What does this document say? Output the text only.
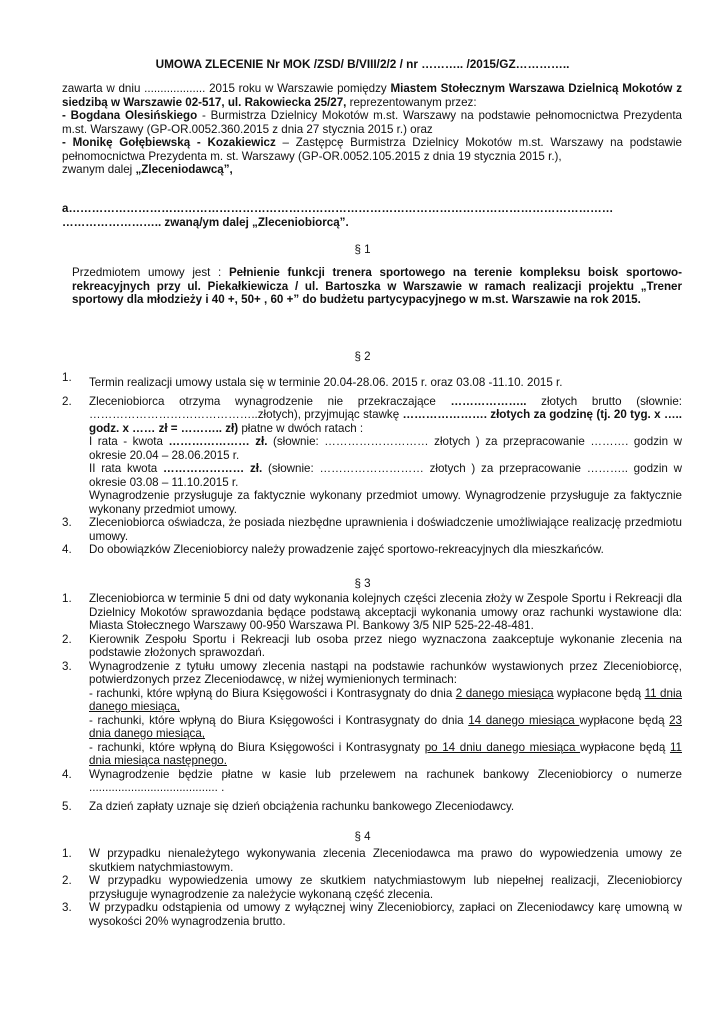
UMOWA ZLECENIE Nr MOK /ZSD/ B/VIII/2/2 / nr ……….. /2015/GZ…………..

zawarta w dniu ................... 2015 roku w Warszawie pomiędzy Miastem Stołecznym Warszawa Dzielnicą Mokotów z siedzibą w Warszawie 02-517, ul. Rakowiecka 25/27, reprezentowanym przez:

- Bogdana Olesińskiego - Burmistrza Dzielnicy Mokotów m.st. Warszawy na podstawie pełnomocnictwa Prezydenta m.st. Warszawy (GP-OR.0052.360.2015 z dnia 27 stycznia 2015 r.) oraz

- Monikę Gołębiewską - Kozakiewicz – Zastępcę Burmistrza Dzielnicy Mokotów m.st. Warszawy na podstawie pełnomocnictwa Prezydenta m. st. Warszawy (GP-OR.0052.105.2015 z dnia 19 stycznia 2015 r.),

zwanym dalej „Zleceniodawcą”,

a……………………………………………………………………………………………………………………………

…………………….. zwaną/ym dalej „Zleceniobiorcą”.

§ 1

Przedmiotem umowy jest : Pełnienie funkcji trenera sportowego na terenie kompleksu boisk sportowo-rekreacyjnych przy ul. Piekałkiewicza / ul. Bartoszka w Warszawie w ramach realizacji projektu „Trener sportowy dla młodzieży i 40 +, 50+ , 60 +” do budżetu partycypacyjnego w m.st. Warszawie na rok 2015.

§ 2
1. Termin realizacji umowy ustala się w terminie 20.04-28.06. 2015 r. oraz 03.08 -11.10. 2015 r.
2. Zleceniobiorca otrzyma wynagrodzenie nie przekraczające ……………….. złotych brutto (słownie: ……………………………………..złotych), przyjmując stawkę …………………. złotych za godzinę (tj. 20 tyg. x ….. godz. x …… zł = ……….. zł) płatne w dwóch ratach :
I rata - kwota ………………… zł. (słownie: ……………………… złotych ) za przepracowanie ………. godzin w okresie 20.04 – 28.06.2015 r.
II rata kwota ………………… zł. (słownie: ……………………… złotych ) za przepracowanie ……….. godzin w okresie 03.08 – 11.10.2015 r.
Wynagrodzenie przysługuje za faktycznie wykonany przedmiot umowy. Wynagrodzenie przysługuje za faktycznie wykonany przedmiot umowy.
3. Zleceniobiorca oświadcza, że posiada niezbędne uprawnienia i doświadczenie umożliwiające realizację przedmiotu umowy.
4. Do obowiązków Zleceniobiorcy należy prowadzenie zajęć sportowo-rekreacyjnych dla mieszkańców.
§ 3
1. Zleceniobiorca w terminie 5 dni od daty wykonania kolejnych części zlecenia złoży w Zespole Sportu i Rekreacji dla Dzielnicy Mokotów sprawozdania będące podstawą akceptacji wykonania umowy oraz rachunki wystawione dla: Miasta Stołecznego Warszawy 00-950 Warszawa Pl. Bankowy 3/5 NIP 525-22-48-481.
2. Kierownik Zespołu Sportu i Rekreacji lub osoba przez niego wyznaczona zaakceptuje wykonanie zlecenia na podstawie złożonych sprawozdań.
3. Wynagrodzenie z tytułu umowy zlecenia nastąpi na podstawie rachunków wystawionych przez Zleceniobiorcę, potwierdzonych przez Zleceniodawcę, w niżej wymienionych terminach:
- rachunki, które wpłyną do Biura Księgowości i Kontrasygnaty do dnia 2 danego miesiąca wypłacone będą 11 dnia danego miesiąca,
- rachunki, które wpłyną do Biura Księgowości i Kontrasygnaty do dnia 14 danego miesiąca wypłacone będą 23 dnia danego miesiąca,
- rachunki, które wpłyną do Biura Księgowości i Kontrasygnaty po 14 dniu danego miesiąca wypłacone będą 11 dnia miesiąca następnego.
4. Wynagrodzenie będzie płatne w kasie lub przelewem na rachunek bankowy Zleceniobiorcy o numerze ........................................ .
5. Za dzień zapłaty uznaje się dzień obciążenia rachunku bankowego Zleceniodawcy.
§ 4
1. W przypadku nienależytego wykonywania zlecenia Zleceniodawca ma prawo do wypowiedzenia umowy ze skutkiem natychmiastowym.
2. W przypadku wypowiedzenia umowy ze skutkiem natychmiastowym lub niepełnej realizacji, Zleceniobiorcy przysługuje wynagrodzenie za należycie wykonaną część zlecenia.
3. W przypadku odstąpienia od umowy z wyłącznej winy Zleceniobiorcy, zapłaci on Zleceniodawcy karę umowną w wysokości 20% wynagrodzenia brutto.
